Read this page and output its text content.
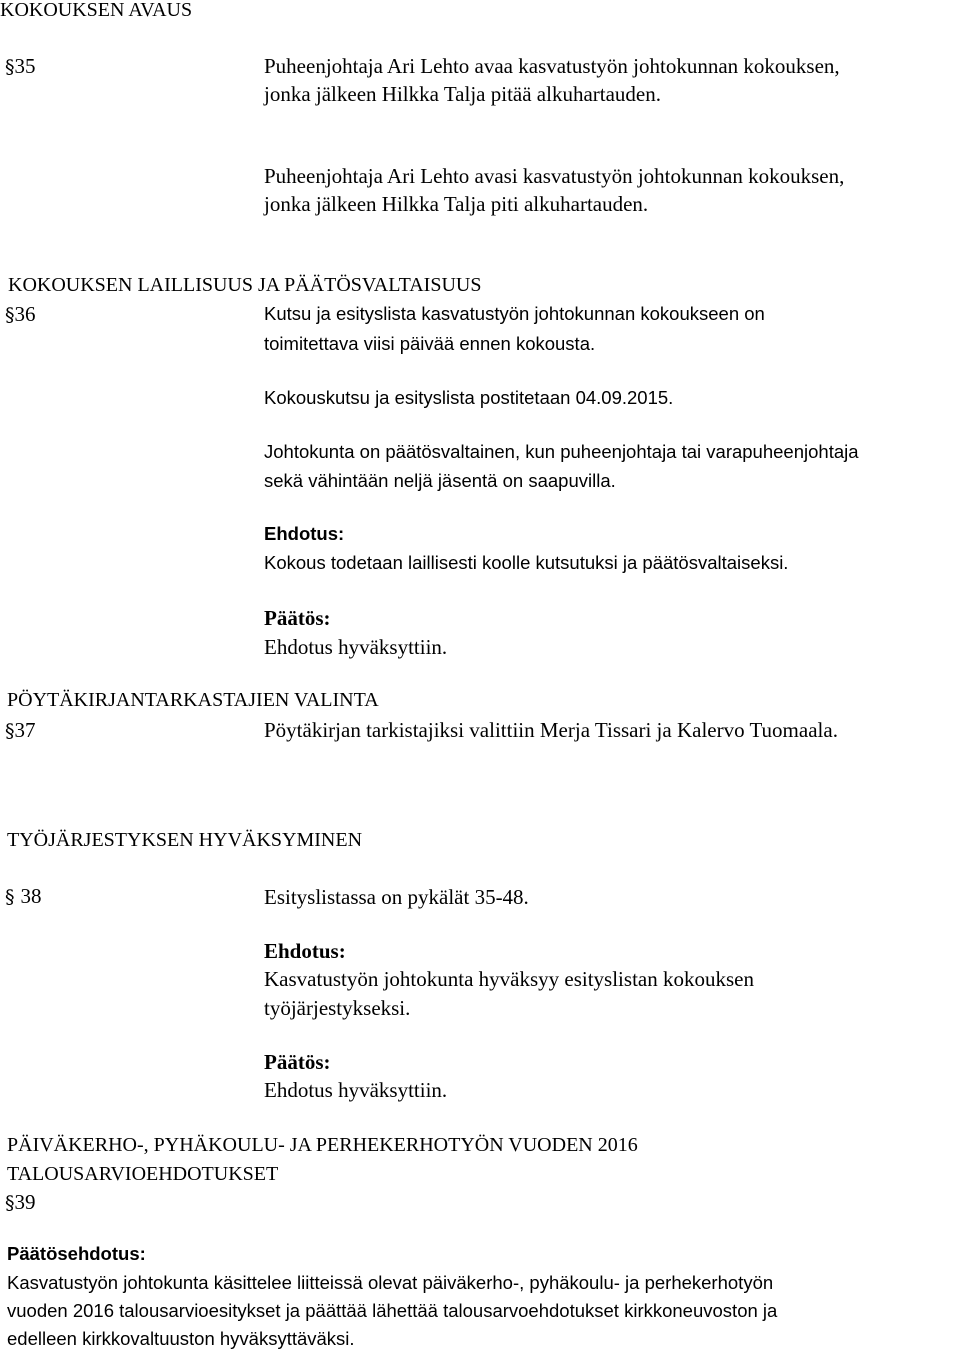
KOKOUKSEN AVAUS
§35	Puheenjohtaja Ari Lehto avaa kasvatustyön johtokunnan kokouksen,
jonka jälkeen Hilkka Talja pitää alkuhartauden.
Puheenjohtaja Ari Lehto avasi kasvatustyön johtokunnan kokouksen,
jonka jälkeen Hilkka Talja piti alkuhartauden.
KOKOUKSEN LAILLISUUS JA PÄÄTÖSVALTAISUUS
§36	Kutsu ja esityslista kasvatustyön johtokunnan kokoukseen on
toimitettava viisi päivää ennen kokousta.
Kokouskutsu ja esityslista postitetaan 04.09.2015.
Johtokunta on päätösvaltainen, kun puheenjohtaja tai varapuheenjohtaja
sekä vähintään neljä jäsentä on saapuvilla.
Ehdotus:
Kokous todetaan laillisesti koolle kutsutuksi ja päätösvaltaiseksi.
Päätös:
Ehdotus hyväksyttiin.
PÖYTÄKIRJANTARKASTAJIEN VALINTA
§37	Pöytäkirjan tarkistajiksi valittiin Merja Tissari ja Kalervo Tuomaala.
TYÖJÄRJESTYKSEN HYVÄKSYMINEN
§ 38	Esityslistassa on pykälät 35-48.
Ehdotus:
Kasvatustyön johtokunta hyväksyy esityslistan kokouksen
työjärjestykseksi.
Päätös:
Ehdotus hyväksyttiin.
PÄIVÄKERHO-, PYHÄKOULU- JA PERHEKERHOTYÖN VUODEN 2016
TALOUSARVIOEHDOTUKSET
§39
Päätösehdotus:
Kasvatustyön johtokunta käsittelee liitteissä olevat päiväkerho-, pyhäkoulu- ja perhekerhotyön
vuoden 2016 talousarvioesitykset ja päättää lähettää talousarvoehdotukset kirkkoneuvoston ja
edelleen kirkkovaltuuston hyväksyttäväksi.
